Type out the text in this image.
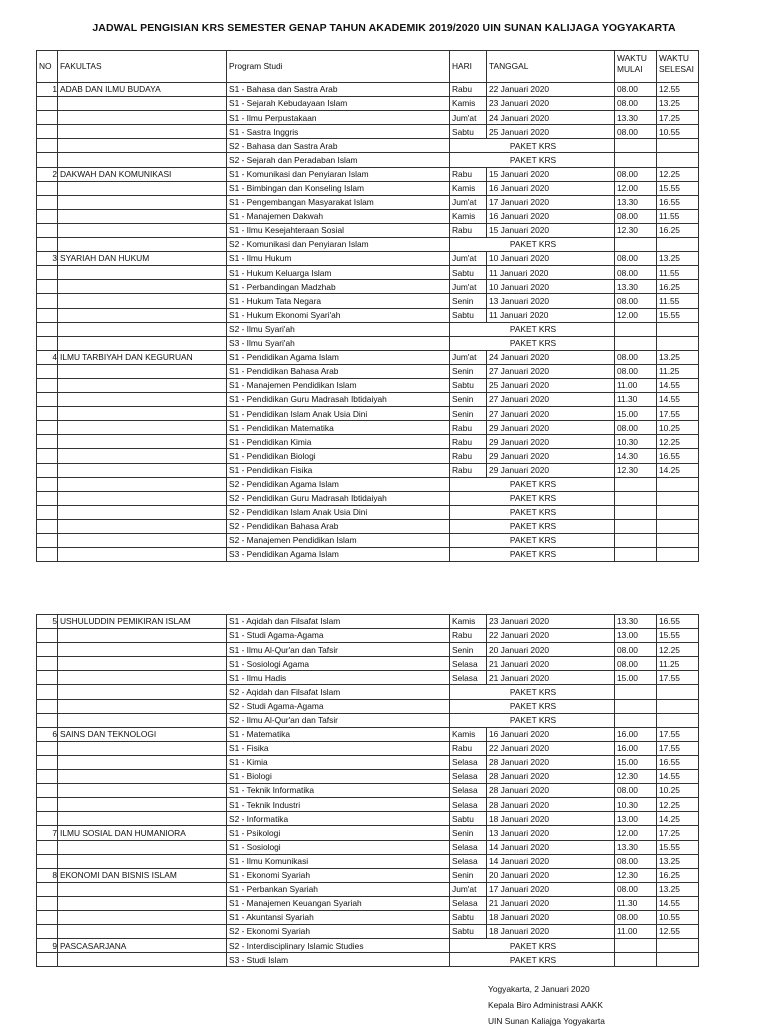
JADWAL PENGISIAN KRS SEMESTER GENAP TAHUN AKADEMIK 2019/2020 UIN SUNAN KALIJAGA YOGYAKARTA
NO	FAKULTAS	Program Studi	HARI	TANGGAL	WAKTU MULAI	WAKTU SELESAI
1	ADAB DAN ILMU BUDAYA	S1 - Bahasa dan Sastra Arab	Rabu	22 Januari 2020	08.00	12.55
		S1 - Sejarah Kebudayaan Islam	Kamis	23 Januari 2020	08.00	13.25
		S1 - Ilmu Perpustakaan	Jum'at	24 Januari 2020	13.30	17.25
		S1 - Sastra Inggris	Sabtu	25 Januari 2020	08.00	10.55
		S2 - Bahasa dan Sastra Arab	PAKET KRS			
		S2 - Sejarah dan Peradaban Islam	PAKET KRS			
2	DAKWAH DAN KOMUNIKASI	S1 - Komunikasi dan Penyiaran Islam	Rabu	15 Januari 2020	08.00	12.25
		S1 - Bimbingan dan Konseling Islam	Kamis	16 Januari 2020	12.00	15.55
		S1 - Pengembangan Masyarakat Islam	Jum'at	17 Januari 2020	13.30	16.55
		S1 - Manajemen Dakwah	Kamis	16 Januari 2020	08.00	11.55
		S1 - Ilmu Kesejahteraan Sosial	Rabu	15 Januari 2020	12.30	16.25
		S2 - Komunikasi dan Penyiaran Islam	PAKET KRS			
3	SYARIAH DAN HUKUM	S1 - Ilmu Hukum	Jum'at	10 Januari 2020	08.00	13.25
		S1 - Hukum Keluarga Islam	Sabtu	11 Januari 2020	08.00	11.55
		S1 - Perbandingan Madzhab	Jum'at	10 Januari 2020	13.30	16.25
		S1 - Hukum Tata Negara	Senin	13 Januari 2020	08.00	11.55
		S1 - Hukum Ekonomi Syari'ah	Sabtu	11 Januari 2020	12.00	15.55
		S2 - Ilmu Syari'ah	PAKET KRS			
		S3 - Ilmu Syari'ah	PAKET KRS			
4	ILMU TARBIYAH DAN KEGURUAN	S1 - Pendidikan Agama Islam	Jum'at	24 Januari 2020	08.00	13.25
		S1 - Pendidikan Bahasa Arab	Senin	27 Januari 2020	08.00	11.25
		S1 - Manajemen Pendidikan Islam	Sabtu	25 Januari 2020	11.00	14.55
		S1 - Pendidikan Guru Madrasah Ibtidaiyah	Senin	27 Januari 2020	11.30	14.55
		S1 - Pendidikan Islam Anak Usia Dini	Senin	27 Januari 2020	15.00	17.55
		S1 - Pendidikan Matematika	Rabu	29 Januari 2020	08.00	10.25
		S1 - Pendidikan Kimia	Rabu	29 Januari 2020	10.30	12.25
		S1 - Pendidikan Biologi	Rabu	29 Januari 2020	14.30	16.55
		S1 - Pendidikan Fisika	Rabu	29 Januari 2020	12.30	14.25
		S2 - Pendidikan Agama Islam	PAKET KRS			
		S2 - Pendidikan Guru Madrasah Ibtidaiyah	PAKET KRS			
		S2 - Pendidikan Islam Anak Usia Dini	PAKET KRS			
		S2 - Pendidikan Bahasa Arab	PAKET KRS			
		S2 - Manajemen Pendidikan Islam	PAKET KRS			
		S3 - Pendidikan Agama Islam	PAKET KRS			
5	USHULUDDIN PEMIKIRAN ISLAM	S1 - Aqidah dan Filsafat Islam	Kamis	23 Januari 2020	13.30	16.55
		S1 - Studi Agama-Agama	Rabu	22 Januari 2020	13.00	15.55
		S1 - Ilmu Al-Qur'an dan Tafsir	Senin	20 Januari 2020	08.00	12.25
		S1 - Sosiologi Agama	Selasa	21 Januari 2020	08.00	11.25
		S1 - Ilmu Hadis	Selasa	21 Januari 2020	15.00	17.55
		S2 - Aqidah dan Filsafat Islam	PAKET KRS			
		S2 - Studi Agama-Agama	PAKET KRS			
		S2 - Ilmu Al-Qur'an dan Tafsir	PAKET KRS			
6	SAINS DAN TEKNOLOGI	S1 - Matematika	Kamis	16 Januari 2020	16.00	17.55
		S1 - Fisika	Rabu	22 Januari 2020	16.00	17.55
		S1 - Kimia	Selasa	28 Januari 2020	15.00	16.55
		S1 - Biologi	Selasa	28 Januari 2020	12.30	14.55
		S1 - Teknik Informatika	Selasa	28 Januari 2020	08.00	10.25
		S1 - Teknik Industri	Selasa	28 Januari 2020	10.30	12.25
		S2 - Informatika	Sabtu	18 Januari 2020	13.00	14.25
7	ILMU SOSIAL DAN HUMANIORA	S1 - Psikologi	Senin	13 Januari 2020	12.00	17.25
		S1 - Sosiologi	Selasa	14 Januari 2020	13.30	15.55
		S1 - Ilmu Komunikasi	Selasa	14 Januari 2020	08.00	13.25
8	EKONOMI DAN BISNIS ISLAM	S1 - Ekonomi Syariah	Senin	20 Januari 2020	12.30	16.25
		S1 - Perbankan Syariah	Jum'at	17 Januari 2020	08.00	13.25
		S1 - Manajemen Keuangan Syariah	Selasa	21 Januari 2020	11.30	14.55
		S1 - Akuntansi Syariah	Sabtu	18 Januari 2020	08.00	10.55
		S2 - Ekonomi Syariah	Sabtu	18 Januari 2020	11.00	12.55
9	PASCASARJANA	S2 - Interdisciplinary Islamic Studies	PAKET KRS			
		S3 - Studi Islam	PAKET KRS			
Yogyakarta, 2 Januari 2020
Kepala Biro Administrasi AAKK
UIN Sunan Kaliajga Yogyakarta
